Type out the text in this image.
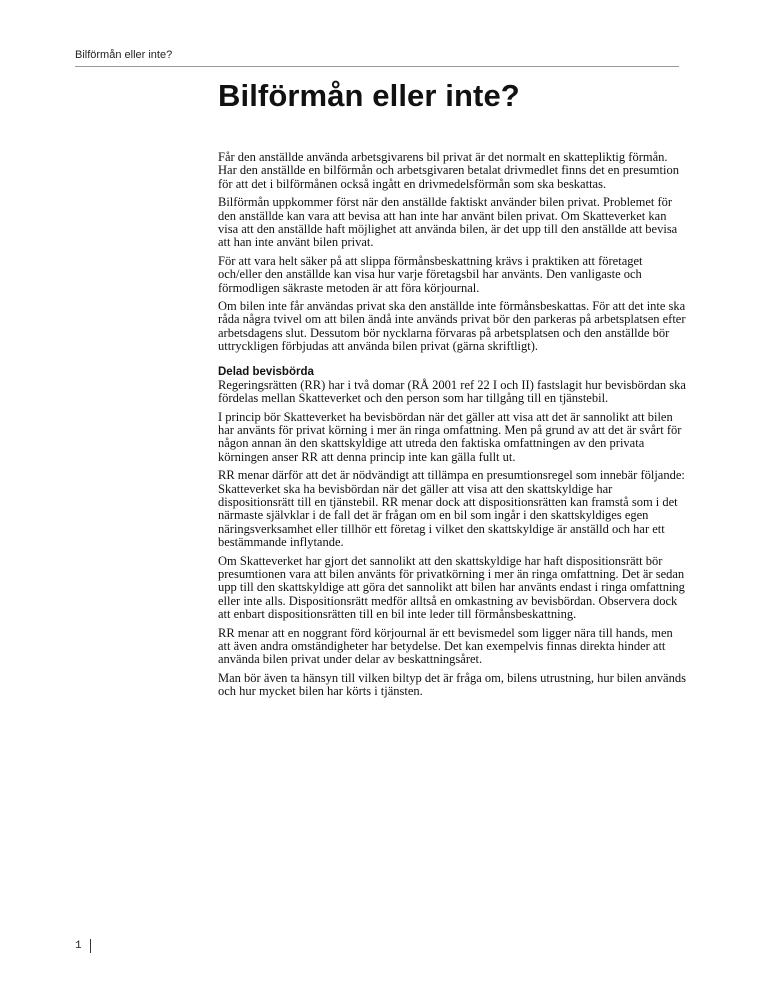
Bilförmån eller inte?
Bilförmån eller inte?

Får den anställde använda arbetsgivarens bil privat är det normalt en skattepliktig förmån. Har den anställde en bilförmån och arbetsgivaren betalat drivmedlet finns det en presumtion för att det i bilförmånen också ingått en drivmedelsförmån som ska beskattas.

Bilförmån uppkommer först när den anställde faktiskt använder bilen privat. Problemet för den anställde kan vara att bevisa att han inte har använt bilen privat. Om Skatteverket kan visa att den anställde haft möjlighet att använda bilen, är det upp till den anställde att bevisa att han inte använt bilen privat.

För att vara helt säker på att slippa förmånsbeskattning krävs i praktiken att företaget och/eller den anställde kan visa hur varje företagsbil har använts. Den vanligaste och förmodligen säkraste metoden är att föra körjournal.

Om bilen inte får användas privat ska den anställde inte förmånsbeskattas. För att det inte ska råda några tvivel om att bilen ändå inte används privat bör den parkeras på arbetsplatsen efter arbetsdagens slut. Dessutom bör nycklarna förvaras på arbetsplatsen och den anställde bör uttryckligen förbjudas att använda bilen privat (gärna skriftligt).

Delad bevisbörda

Regeringsrätten (RR) har i två domar (RÅ 2001 ref 22 I och II) fastslagit hur bevisbördan ska fördelas mellan Skatteverket och den person som har tillgång till en tjänstebil.

I princip bör Skatteverket ha bevisbördan när det gäller att visa att det är sannolikt att bilen har använts för privat körning i mer än ringa omfattning. Men på grund av att det är svårt för någon annan än den skattskyldige att utreda den faktiska omfattningen av den privata körningen anser RR att denna princip inte kan gälla fullt ut.

RR menar därför att det är nödvändigt att tillämpa en presumtionsregel som innebär följande: Skatteverket ska ha bevisbördan när det gäller att visa att den skattskyldige har dispositionsrätt till en tjänstebil. RR menar dock att dispositionsrätten kan framstå som i det närmaste självklar i de fall det är frågan om en bil som ingår i den skattskyldiges egen näringsverksamhet eller tillhör ett företag i vilket den skattskyldige är anställd och har ett bestämmande inflytande.

Om Skatteverket har gjort det sannolikt att den skattskyldige har haft dispositionsrätt bör presumtionen vara att bilen använts för privatkörning i mer än ringa omfattning. Det är sedan upp till den skattskyldige att göra det sannolikt att bilen har använts endast i ringa omfattning eller inte alls. Dispositionsrätt medför alltså en omkastning av bevisbördan. Observera dock att enbart dispositionsrätten till en bil inte leder till förmånsbeskattning.

RR menar att en noggrant förd körjournal är ett bevismedel som ligger nära till hands, men att även andra omständigheter har betydelse. Det kan exempelvis finnas direkta hinder att använda bilen privat under delar av beskattningsåret.

Man bör även ta hänsyn till vilken biltyp det är fråga om, bilens utrustning, hur bilen används och hur mycket bilen har körts i tjänsten.

1
